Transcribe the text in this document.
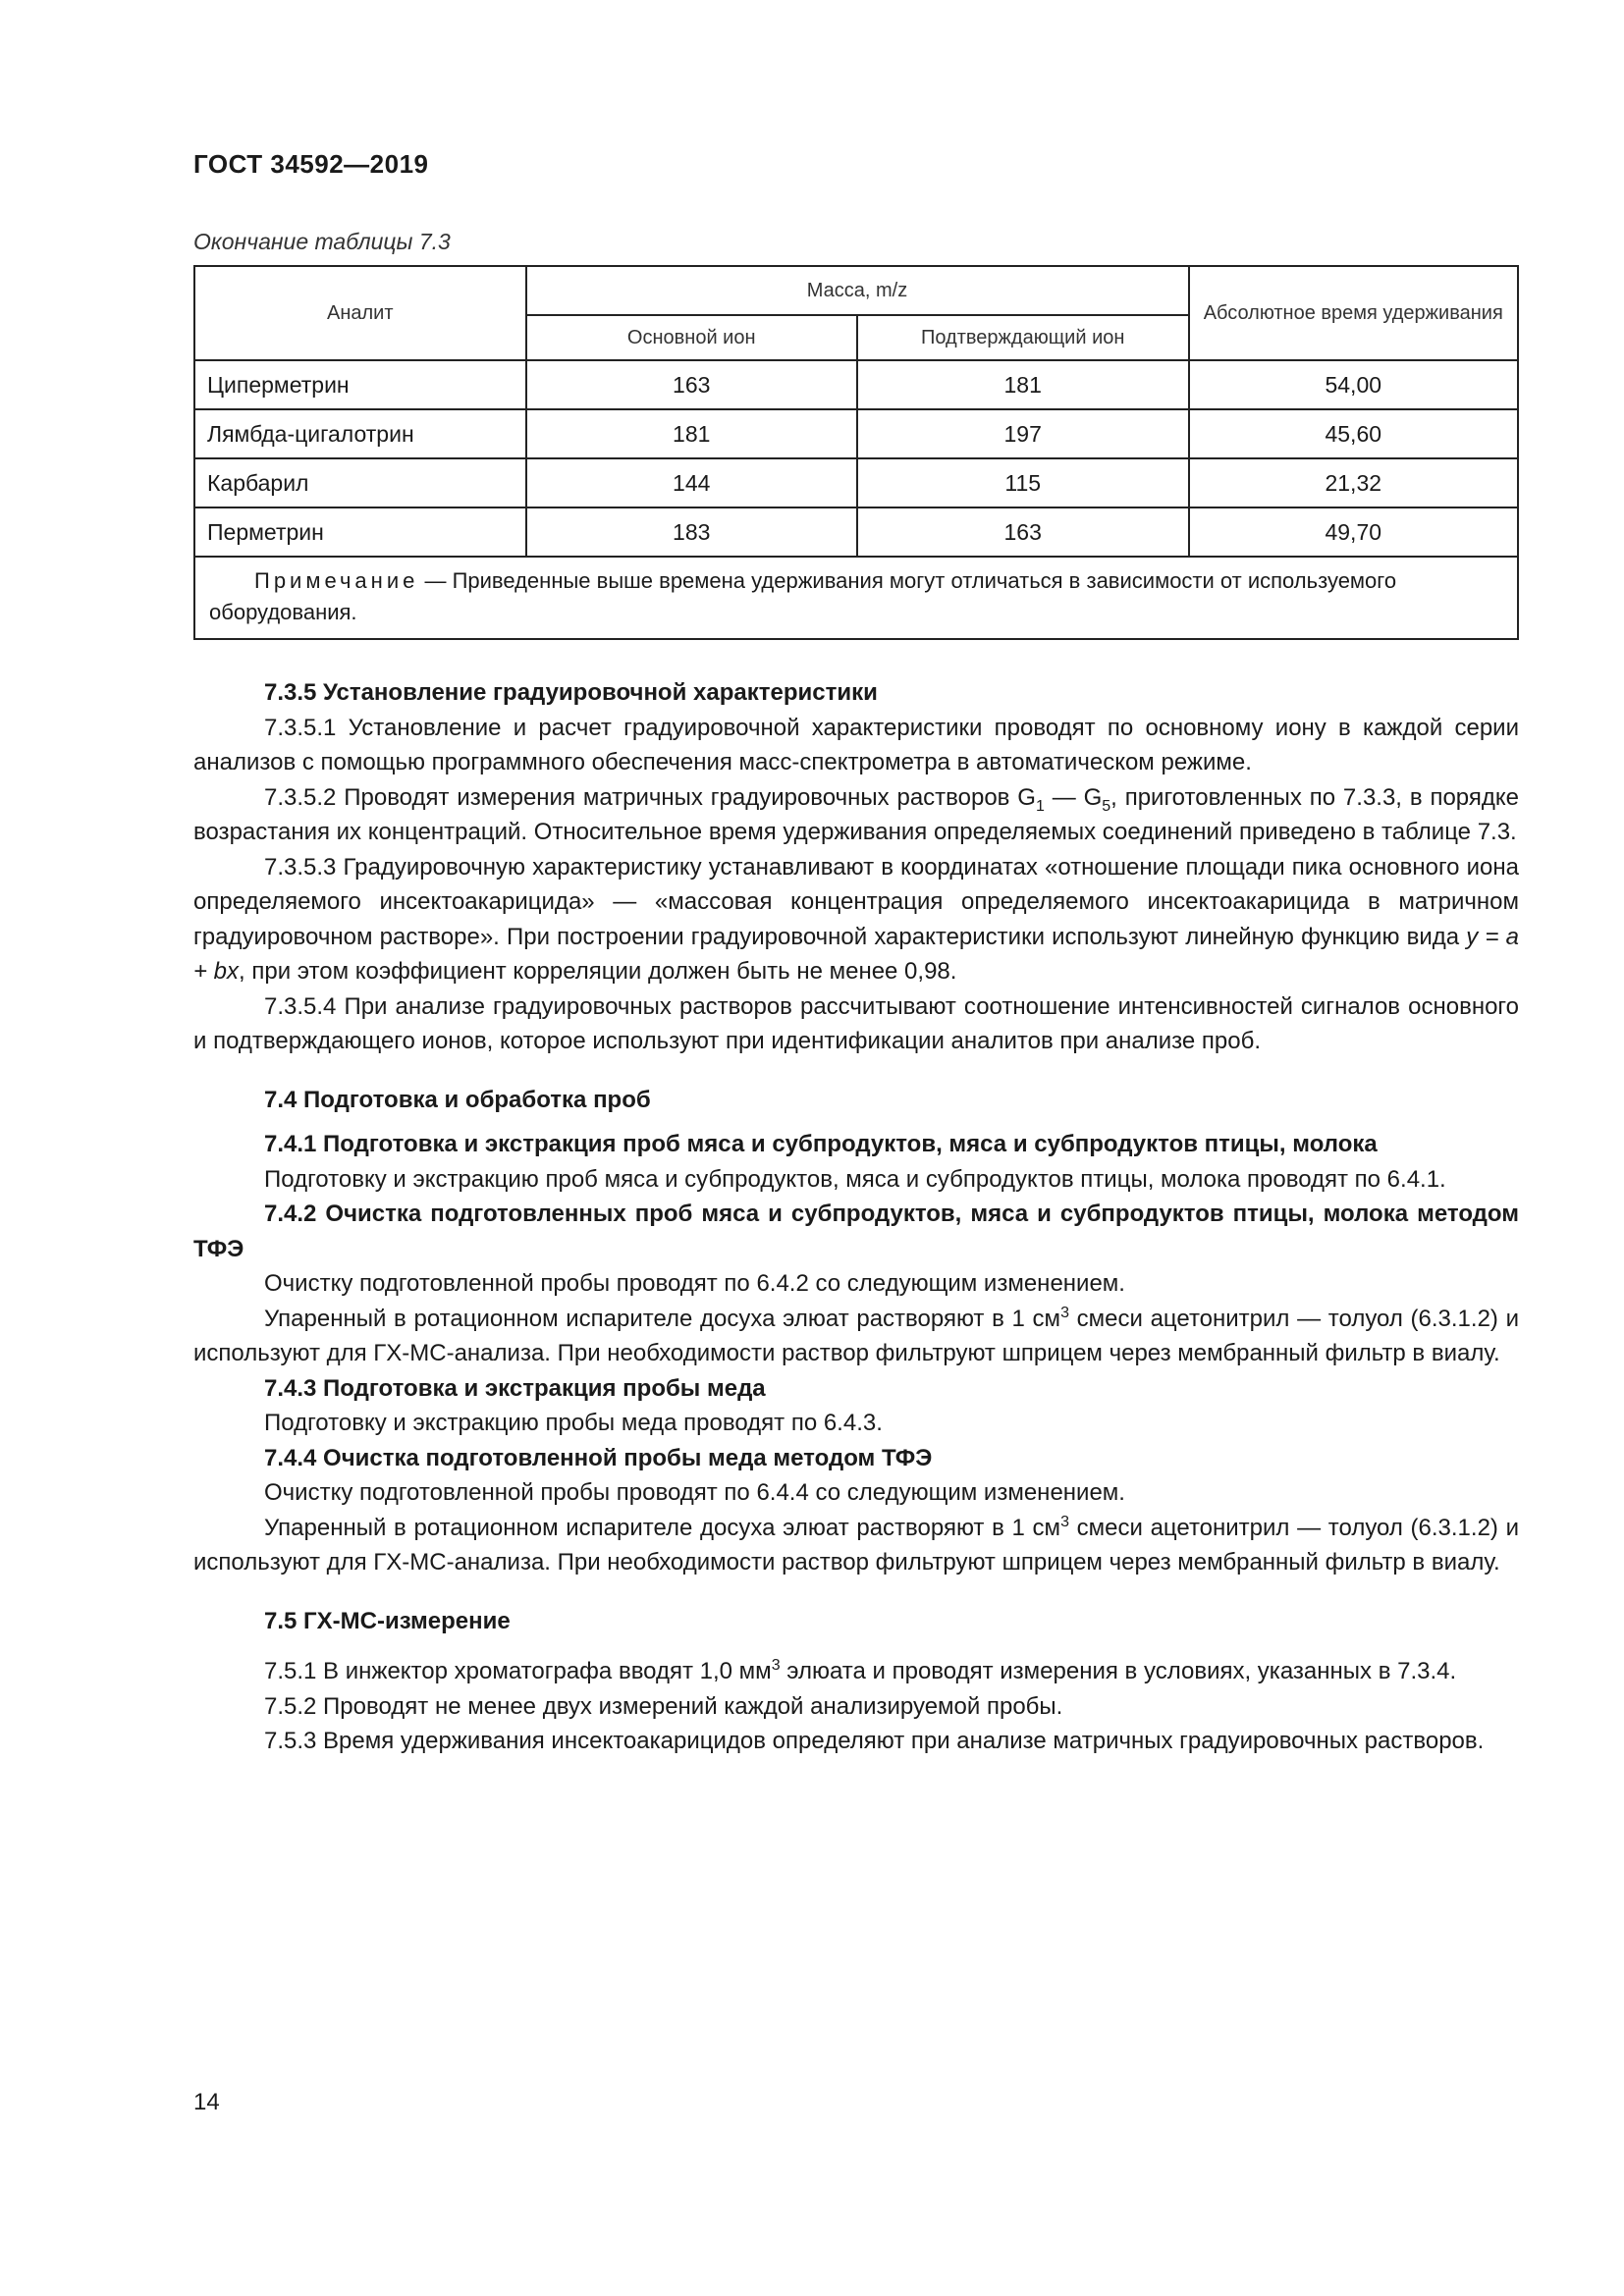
ГОСТ 34592—2019
Окончание таблицы 7.3
Аналит	Масса, m/z		Абсолютное время удерживания
	Основной ион	Подтверждающий ион	
Циперметрин	163	181	54,00
Лямбда-цигалотрин	181	197	45,60
Карбарил	144	115	21,32
Перметрин	183	163	49,70
Примечание — Приведенные выше времена удерживания могут отличаться в зависимости от используемого оборудования.			

7.3.5 Установление градуировочной характеристики

7.3.5.1 Установление и расчет градуировочной характеристики проводят по основному иону в каждой серии анализов с помощью программного обеспечения масс-спектрометра в автоматическом режиме.

7.3.5.2 Проводят измерения матричных градуировочных растворов $G_1$ — $G_5$, приготовленных по 7.3.3, в порядке возрастания их концентраций. Относительное время удерживания определяемых соединений приведено в таблице 7.3.

7.3.5.3 Градуировочную характеристику устанавливают в координатах «отношение площади пика основного иона определяемого инсектоакарицида» — «массовая концентрация определяемого инсектоакарицида в матричном градуировочном растворе». При построении градуировочной характеристики используют линейную функцию вида y = a + bx, при этом коэффициент корреляции должен быть не менее 0,98.

7.3.5.4 При анализе градуировочных растворов рассчитывают соотношение интенсивностей сигналов основного и подтверждающего ионов, которое используют при идентификации аналитов при анализе проб.

7.4 Подготовка и обработка проб

7.4.1 Подготовка и экстракция проб мяса и субпродуктов, мяса и субпродуктов птицы, молока

Подготовку и экстракцию проб мяса и субпродуктов, мяса и субпродуктов птицы, молока проводят по 6.4.1.

7.4.2 Очистка подготовленных проб мяса и субпродуктов, мяса и субпродуктов птицы, молока методом ТФЭ

Очистку подготовленной пробы проводят по 6.4.2 со следующим изменением.

Упаренный в ротационном испарителе досуха элюат растворяют в 1 $см^3$ смеси ацетонитрил — толуол (6.3.1.2) и используют для ГХ-МС-анализа. При необходимости раствор фильтруют шприцем через мембранный фильтр в виалу.

7.4.3 Подготовка и экстракция пробы меда

Подготовку и экстракцию пробы меда проводят по 6.4.3.

7.4.4 Очистка подготовленной пробы меда методом ТФЭ

Очистку подготовленной пробы проводят по 6.4.4 со следующим изменением.

Упаренный в ротационном испарителе досуха элюат растворяют в 1 $см^3$ смеси ацетонитрил — толуол (6.3.1.2) и используют для ГХ-МС-анализа. При необходимости раствор фильтруют шприцем через мембранный фильтр в виалу.

7.5 ГХ-МС-измерение

7.5.1 В инжектор хроматографа вводят 1,0 $мм^3$ элюата и проводят измерения в условиях, указанных в 7.3.4.

7.5.2 Проводят не менее двух измерений каждой анализируемой пробы.

7.5.3 Время удерживания инсектоакарицидов определяют при анализе матричных градуировочных растворов.

14
